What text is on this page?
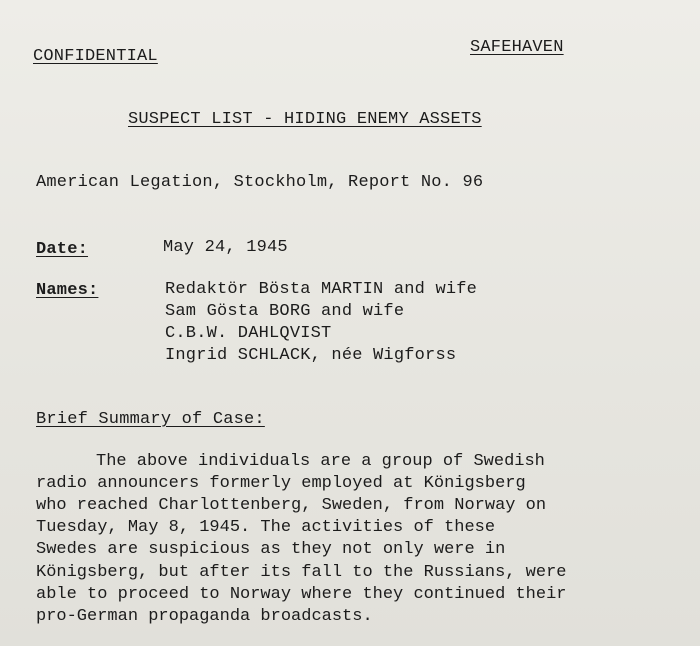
CONFIDENTIAL	SAFEHAVEN
SUSPECT LIST - HIDING ENEMY ASSETS
American Legation, Stockholm, Report No. 96
Date:	May 24, 1945
Names:	Redaktör Bösta MARTIN and wife
Sam Gösta BORG and wife
C.B.W. DAHLQVIST
Ingrid SCHLACK, née Wigforss
Brief Summary of Case:
The above individuals are a group of Swedish
radio announcers formerly employed at Königsberg
who reached Charlottenberg, Sweden, from Norway on
Tuesday, May 8, 1945. The activities of these
Swedes are suspicious as they not only were in
Königsberg, but after its fall to the Russians, were
able to proceed to Norway where they continued their
pro-German propaganda broadcasts.
